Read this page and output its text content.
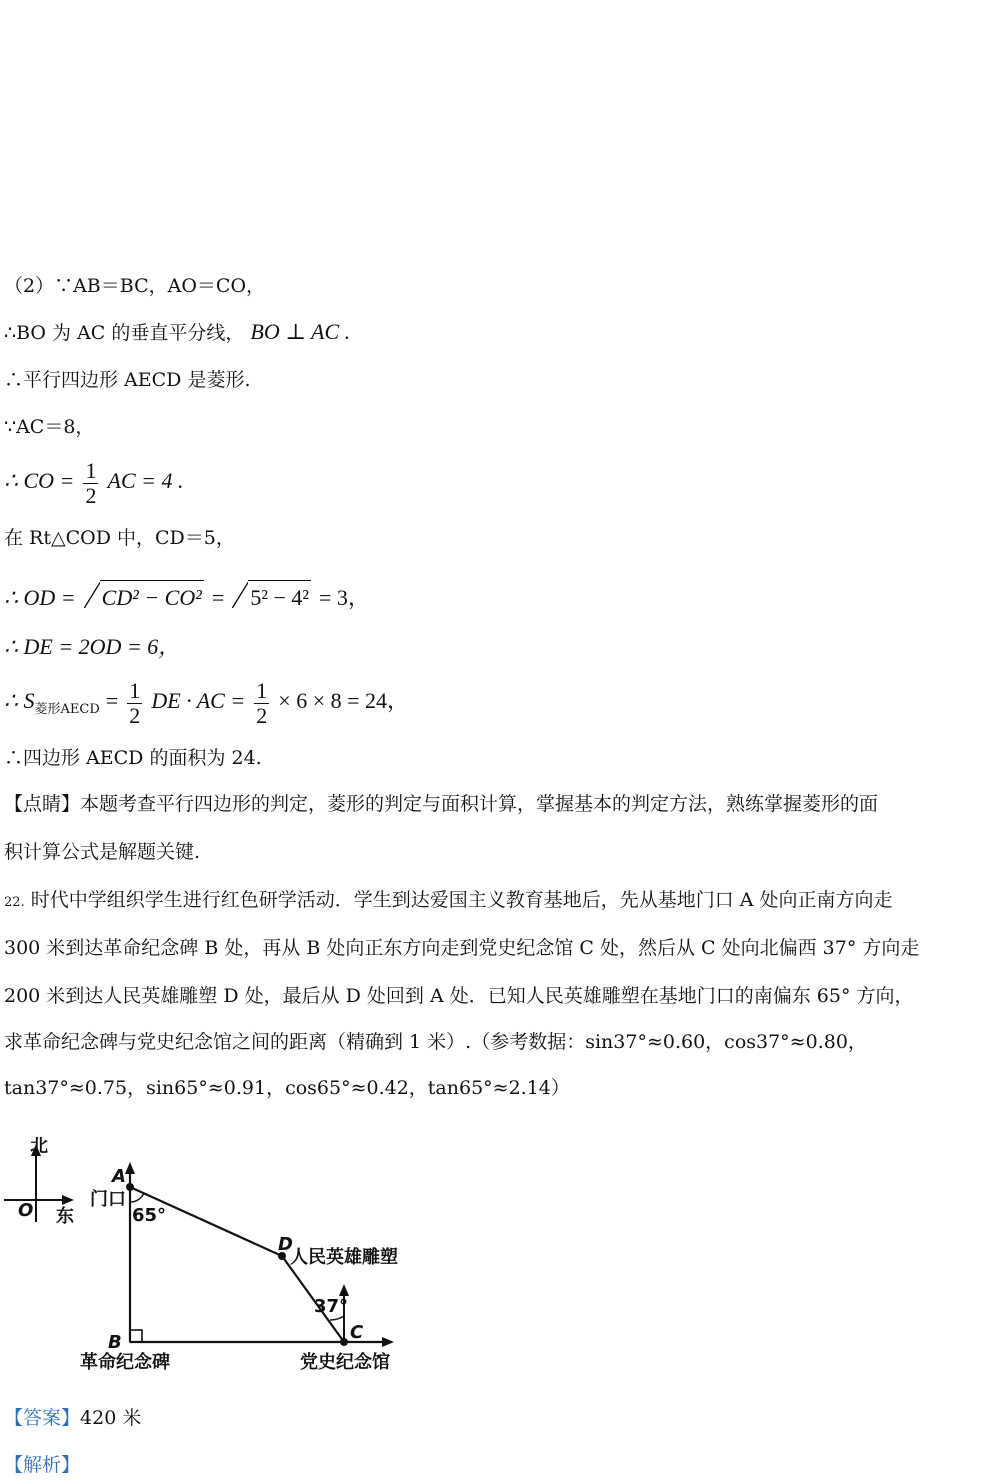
（2）∵AB＝BC，AO＝CO，
∴BO 为 AC 的垂直平分线， BO ⊥ AC .
∴平行四边形 AECD 是菱形.
∵AC＝8，
∴ CO = $\frac{1}{2}$ AC = 4 .
在 Rt△COD 中，CD＝5，
∴ OD = CD² − CO² = 5² − 4² = 3，
∴ DE = 2OD = 6，
∴ $S_{菱形AECD} = \frac{1}{2}$ DE · AC = $\frac{1}{2} \times 6 \times 8 = 24$，
∴四边形 AECD 的面积为 24.
【点睛】本题考查平行四边形的判定，菱形的判定与面积计算，掌握基本的判定方法，熟练掌握菱形的面
积计算公式是解题关键.
22. 时代中学组织学生进行红色研学活动．学生到达爱国主义教育基地后，先从基地门口 A 处向正南方向走
300 米到达革命纪念碑 B 处，再从 B 处向正东方向走到党史纪念馆 C 处，然后从 C 处向北偏西 37° 方向走
200 米到达人民英雄雕塑 D 处，最后从 D 处回到 A 处．已知人民英雄雕塑在基地门口的南偏东 65° 方向，
求革命纪念碑与党史纪念馆之间的距离（精确到 1 米）.（参考数据：sin37°≈0.60，cos37°≈0.80，
tan37°≈0.75，sin65°≈0.91，cos65°≈0.42，tan65°≈2.14）
北
东
O
A
门口
65°
D
人民英雄雕塑
37°
B
革命纪念碑
C
党史纪念馆
【答案】420 米
【解析】
